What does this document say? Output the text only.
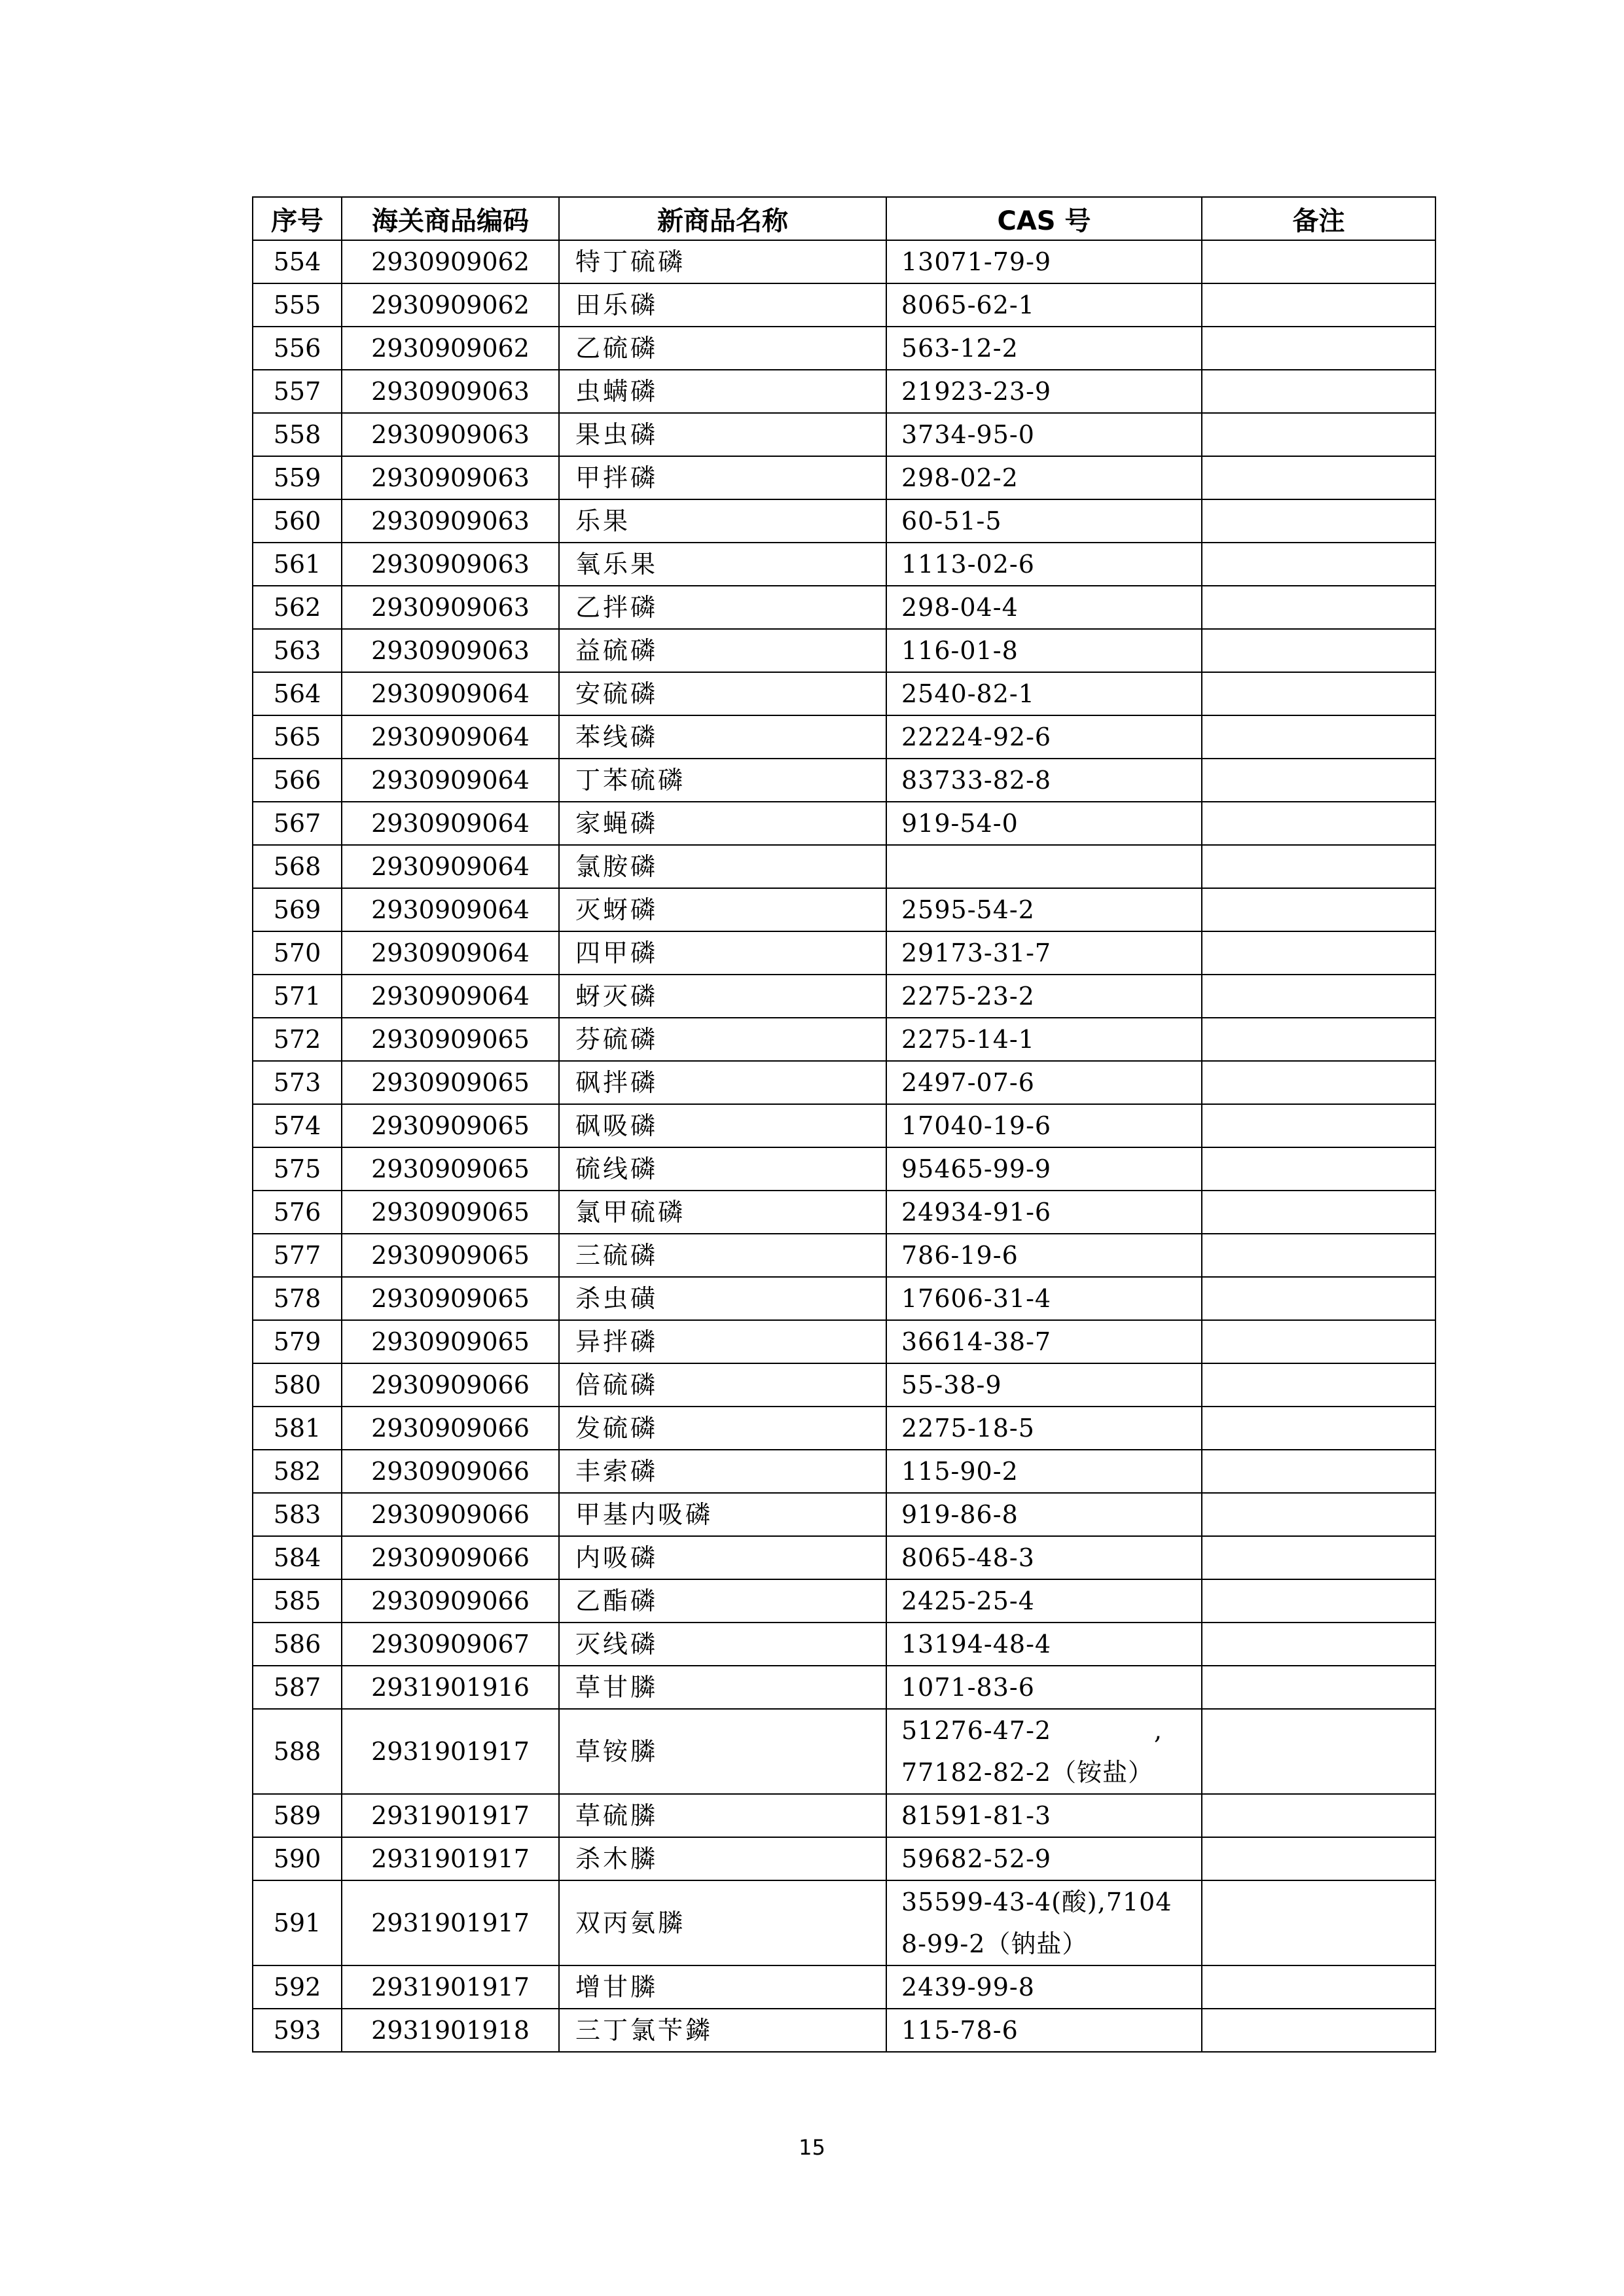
序号	海关商品编码	新商品名称	CAS 号	备注
554	2930909062	特丁硫磷	13071-79-9	

555	2930909062	田乐磷	8065-62-1	

556	2930909062	乙硫磷	563-12-2	

557	2930909063	虫螨磷	21923-23-9	

558	2930909063	果虫磷	3734-95-0	

559	2930909063	甲拌磷	298-02-2	

560	2930909063	乐果	60-51-5	

561	2930909063	氧乐果	1113-02-6	

562	2930909063	乙拌磷	298-04-4	

563	2930909063	益硫磷	116-01-8	

564	2930909064	安硫磷	2540-82-1	

565	2930909064	苯线磷	22224-92-6	

566	2930909064	丁苯硫磷	83733-82-8	

567	2930909064	家蝇磷	919-54-0	

568	2930909064	氯胺磷	

569	2930909064	灭蚜磷	2595-54-2	

570	2930909064	四甲磷	29173-31-7	

571	2930909064	蚜灭磷	2275-23-2	

572	2930909065	芬硫磷	2275-14-1	

573	2930909065	砜拌磷	2497-07-6	

574	2930909065	砜吸磷	17040-19-6	

575	2930909065	硫线磷	95465-99-9	

576	2930909065	氯甲硫磷	24934-91-6	

577	2930909065	三硫磷	786-19-6	

578	2930909065	杀虫磺	17606-31-4	

579	2930909065	异拌磷	36614-38-7	

580	2930909066	倍硫磷	55-38-9	

581	2930909066	发硫磷	2275-18-5	

582	2930909066	丰索磷	115-90-2	

583	2930909066	甲基内吸磷	919-86-8	

584	2930909066	内吸磷	8065-48-3	

585	2930909066	乙酯磷	2425-25-4	

586	2930909067	灭线磷	13194-48-4	

587	2931901916	草甘膦	1071-83-6	

588	2931901917	草铵膦	51276-47-2            ,
77182-82-2（铵盐）	

589	2931901917	草硫膦	81591-81-3	

590	2931901917	杀木膦	59682-52-9	

591	2931901917	双丙氨膦	35599-43-4(酸),7104
8-99-2（钠盐）	

592	2931901917	增甘膦	2439-99-8	

593	2931901918	三丁氯苄鏻	115-78-6	

15
